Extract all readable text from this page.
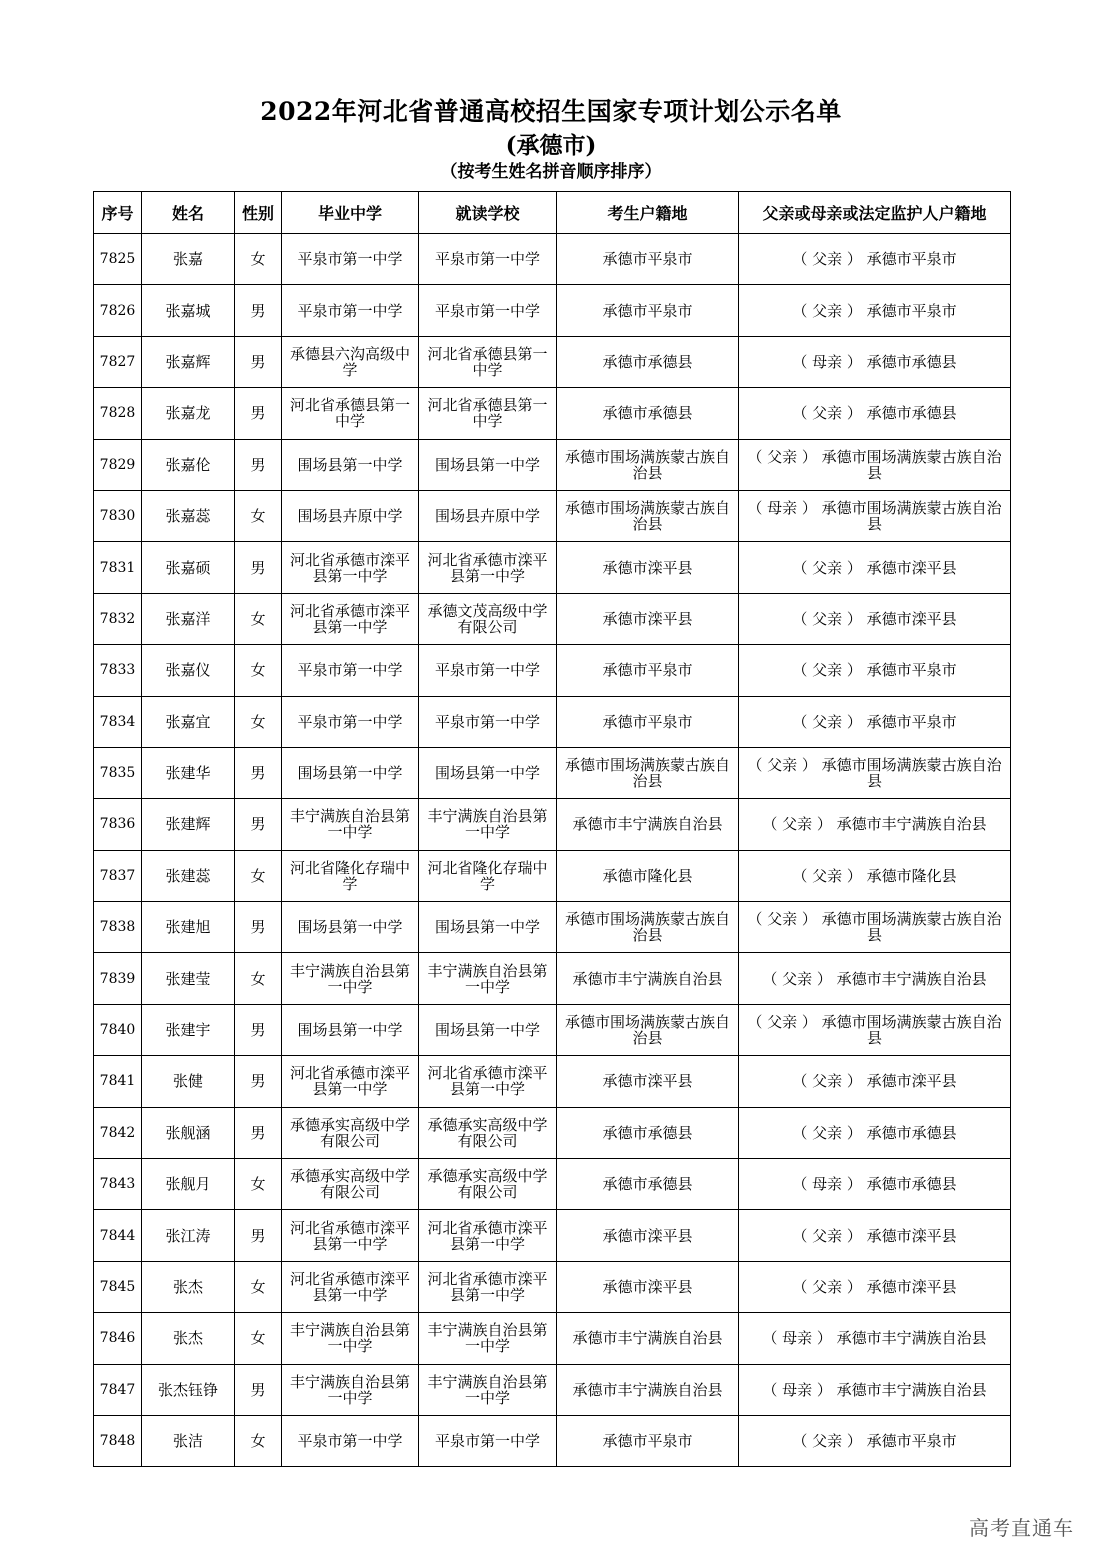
2022年河北省普通高校招生国家专项计划公示名单
(承德市)
（按考生姓名拼音顺序排序）
序号	姓名	性别	毕业中学	就读学校	考生户籍地	父亲或母亲或法定监护人户籍地
7825	张嘉	女	平泉市第一中学	平泉市第一中学	承德市平泉市	（ 父亲 ） 承德市平泉市
7826	张嘉城	男	平泉市第一中学	平泉市第一中学	承德市平泉市	（ 父亲 ） 承德市平泉市
7827	张嘉辉	男	承德县六沟高级中学	河北省承德县第一中学	承德市承德县	（ 母亲 ） 承德市承德县
7828	张嘉龙	男	河北省承德县第一中学	河北省承德县第一中学	承德市承德县	（ 父亲 ） 承德市承德县
7829	张嘉伦	男	围场县第一中学	围场县第一中学	承德市围场满族蒙古族自治县	（ 父亲 ） 承德市围场满族蒙古族自治县
7830	张嘉蕊	女	围场县卉原中学	围场县卉原中学	承德市围场满族蒙古族自治县	（ 母亲 ） 承德市围场满族蒙古族自治县
7831	张嘉硕	男	河北省承德市滦平县第一中学	河北省承德市滦平县第一中学	承德市滦平县	（ 父亲 ） 承德市滦平县
7832	张嘉洋	女	河北省承德市滦平县第一中学	承德文茂高级中学有限公司	承德市滦平县	（ 父亲 ） 承德市滦平县
7833	张嘉仪	女	平泉市第一中学	平泉市第一中学	承德市平泉市	（ 父亲 ） 承德市平泉市
7834	张嘉宜	女	平泉市第一中学	平泉市第一中学	承德市平泉市	（ 父亲 ） 承德市平泉市
7835	张建华	男	围场县第一中学	围场县第一中学	承德市围场满族蒙古族自治县	（ 父亲 ） 承德市围场满族蒙古族自治县
7836	张建辉	男	丰宁满族自治县第一中学	丰宁满族自治县第一中学	承德市丰宁满族自治县	（ 父亲 ） 承德市丰宁满族自治县
7837	张建蕊	女	河北省隆化存瑞中学	河北省隆化存瑞中学	承德市隆化县	（ 父亲 ） 承德市隆化县
7838	张建旭	男	围场县第一中学	围场县第一中学	承德市围场满族蒙古族自治县	（ 父亲 ） 承德市围场满族蒙古族自治县
7839	张建莹	女	丰宁满族自治县第一中学	丰宁满族自治县第一中学	承德市丰宁满族自治县	（ 父亲 ） 承德市丰宁满族自治县
7840	张建宇	男	围场县第一中学	围场县第一中学	承德市围场满族蒙古族自治县	（ 父亲 ） 承德市围场满族蒙古族自治县
7841	张健	男	河北省承德市滦平县第一中学	河北省承德市滦平县第一中学	承德市滦平县	（ 父亲 ） 承德市滦平县
7842	张舰涵	男	承德承实高级中学有限公司	承德承实高级中学有限公司	承德市承德县	（ 父亲 ） 承德市承德县
7843	张舰月	女	承德承实高级中学有限公司	承德承实高级中学有限公司	承德市承德县	（ 母亲 ） 承德市承德县
7844	张江涛	男	河北省承德市滦平县第一中学	河北省承德市滦平县第一中学	承德市滦平县	（ 父亲 ） 承德市滦平县
7845	张杰	女	河北省承德市滦平县第一中学	河北省承德市滦平县第一中学	承德市滦平县	（ 父亲 ） 承德市滦平县
7846	张杰	女	丰宁满族自治县第一中学	丰宁满族自治县第一中学	承德市丰宁满族自治县	（ 母亲 ） 承德市丰宁满族自治县
7847	张杰钰铮	男	丰宁满族自治县第一中学	丰宁满族自治县第一中学	承德市丰宁满族自治县	（ 母亲 ） 承德市丰宁满族自治县
7848	张洁	女	平泉市第一中学	平泉市第一中学	承德市平泉市	（ 父亲 ） 承德市平泉市
高考直通车
